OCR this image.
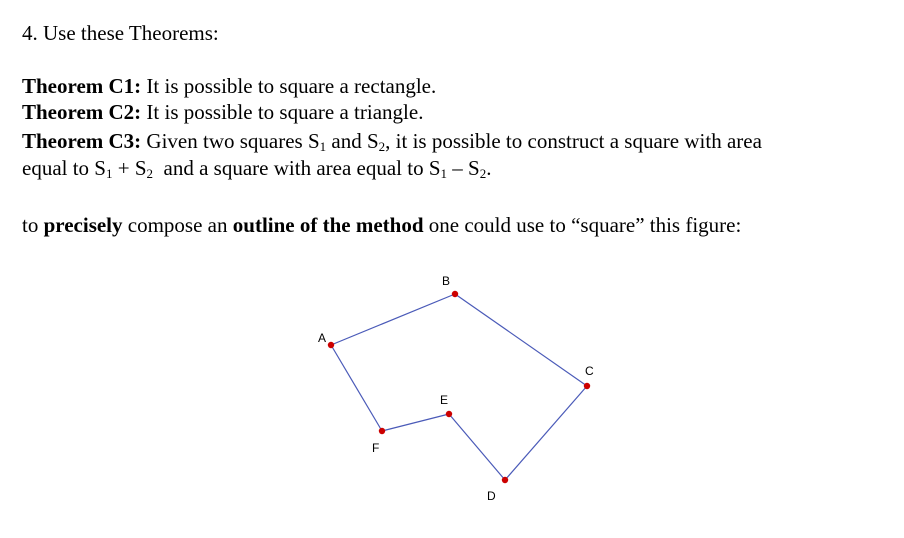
4. Use these Theorems:
Theorem C1: It is possible to square a rectangle.
Theorem C2: It is possible to square a triangle.
Theorem C3: Given two squares $S_1$ and $S_2$, it is possible to construct a square with area
equal to $S_1 + S_2$  and a square with area equal to $S_1 - S_2$.
to precisely compose an outline of the method one could use to “square” this figure:
A
B
C
D
E
F
